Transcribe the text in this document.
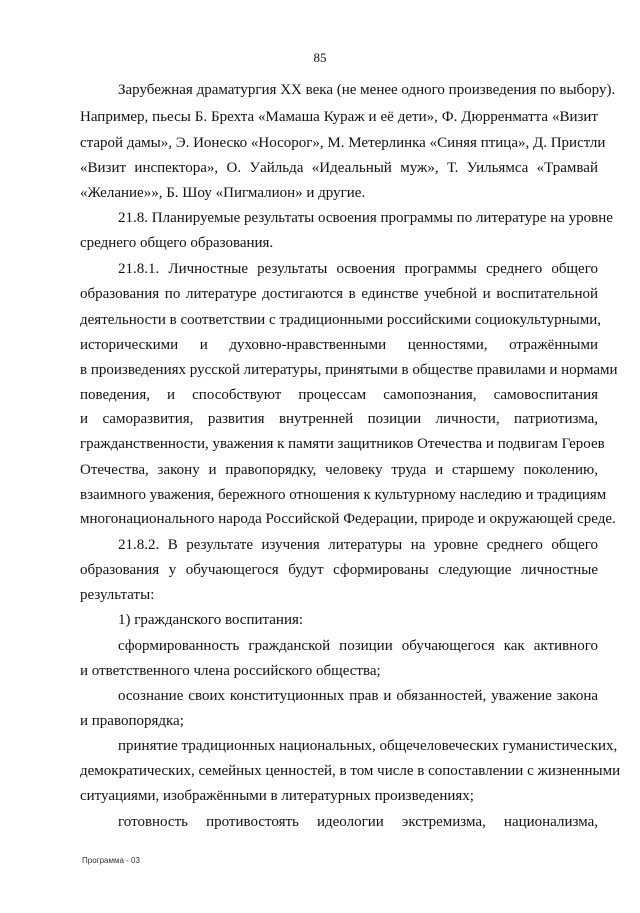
85
Зарубежная драматургия XX века (не менее одного произведения по выбору).
Например, пьесы Б. Брехта «Мамаша Кураж и её дети», Ф. Дюрренматта «Визит
старой дамы», Э. Ионеско «Носорог», М. Метерлинка «Синяя птица», Д. Пристли
«Визит инспектора», О. Уайльда «Идеальный муж», Т. Уильямса «Трамвай
«Желание»», Б. Шоу «Пигмалион» и другие.
21.8. Планируемые результаты освоения программы по литературе на уровне
среднего общего образования.
21.8.1. Личностные результаты освоения программы среднего общего
образования по литературе достигаются в единстве учебной и воспитательной
деятельности в соответствии с традиционными российскими социокультурными,
историческими и духовно-нравственными ценностями, отражёнными
в произведениях русской литературы, принятыми в обществе правилами и нормами
поведения, и способствуют процессам самопознания, самовоспитания
и саморазвития, развития внутренней позиции личности, патриотизма,
гражданственности, уважения к памяти защитников Отечества и подвигам Героев
Отечества, закону и правопорядку, человеку труда и старшему поколению,
взаимного уважения, бережного отношения к культурному наследию и традициям
многонационального народа Российской Федерации, природе и окружающей среде.
21.8.2. В результате изучения литературы на уровне среднего общего
образования у обучающегося будут сформированы следующие личностные
результаты:
1) гражданского воспитания:
сформированность гражданской позиции обучающегося как активного
и ответственного члена российского общества;
осознание своих конституционных прав и обязанностей, уважение закона
и правопорядка;
принятие традиционных национальных, общечеловеческих гуманистических,
демократических, семейных ценностей, в том числе в сопоставлении с жизненными
ситуациями, изображёнными в литературных произведениях;
готовность противостоять идеологии экстремизма, национализма,
Программа - 03
